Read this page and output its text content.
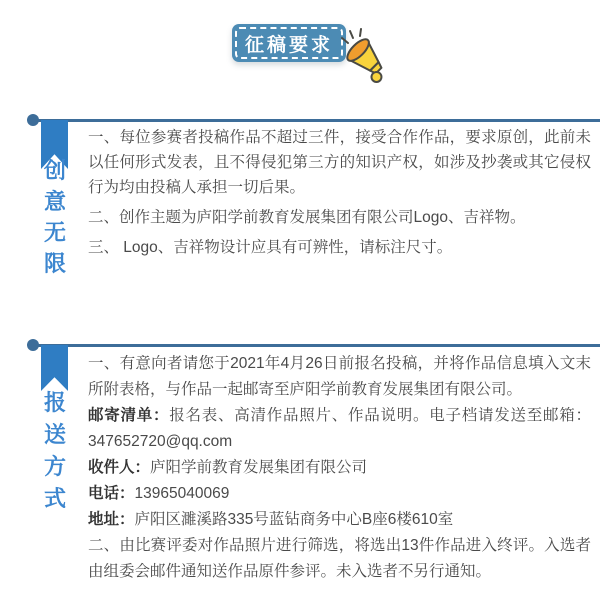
征稿要求
创
意
无
限

一、每位参赛者投稿作品不超过三件，接受合作作品，要求原创，此前未以任何形式发表，且不得侵犯第三方的知识产权，如涉及抄袭或其它侵权行为均由投稿人承担一切后果。

二、创作主题为庐阳学前教育发展集团有限公司Logo、吉祥物。

三、 Logo、吉祥物设计应具有可辨性，请标注尺寸。

报
送
方
式

一、有意向者请您于2021年4月26日前报名投稿，并将作品信息填入文末所附表格，与作品一起邮寄至庐阳学前教育发展集团有限公司。

邮寄清单：报名表、高清作品照片、作品说明。电子档请发送至邮箱：347652720@qq.com

收件人：庐阳学前教育发展集团有限公司

电话：13965040069

地址：庐阳区濉溪路335号蓝钻商务中心B座6楼610室

二、由比赛评委对作品照片进行筛选，将选出13件作品进入终评。入选者由组委会邮件通知送作品原件参评。未入选者不另行通知。
